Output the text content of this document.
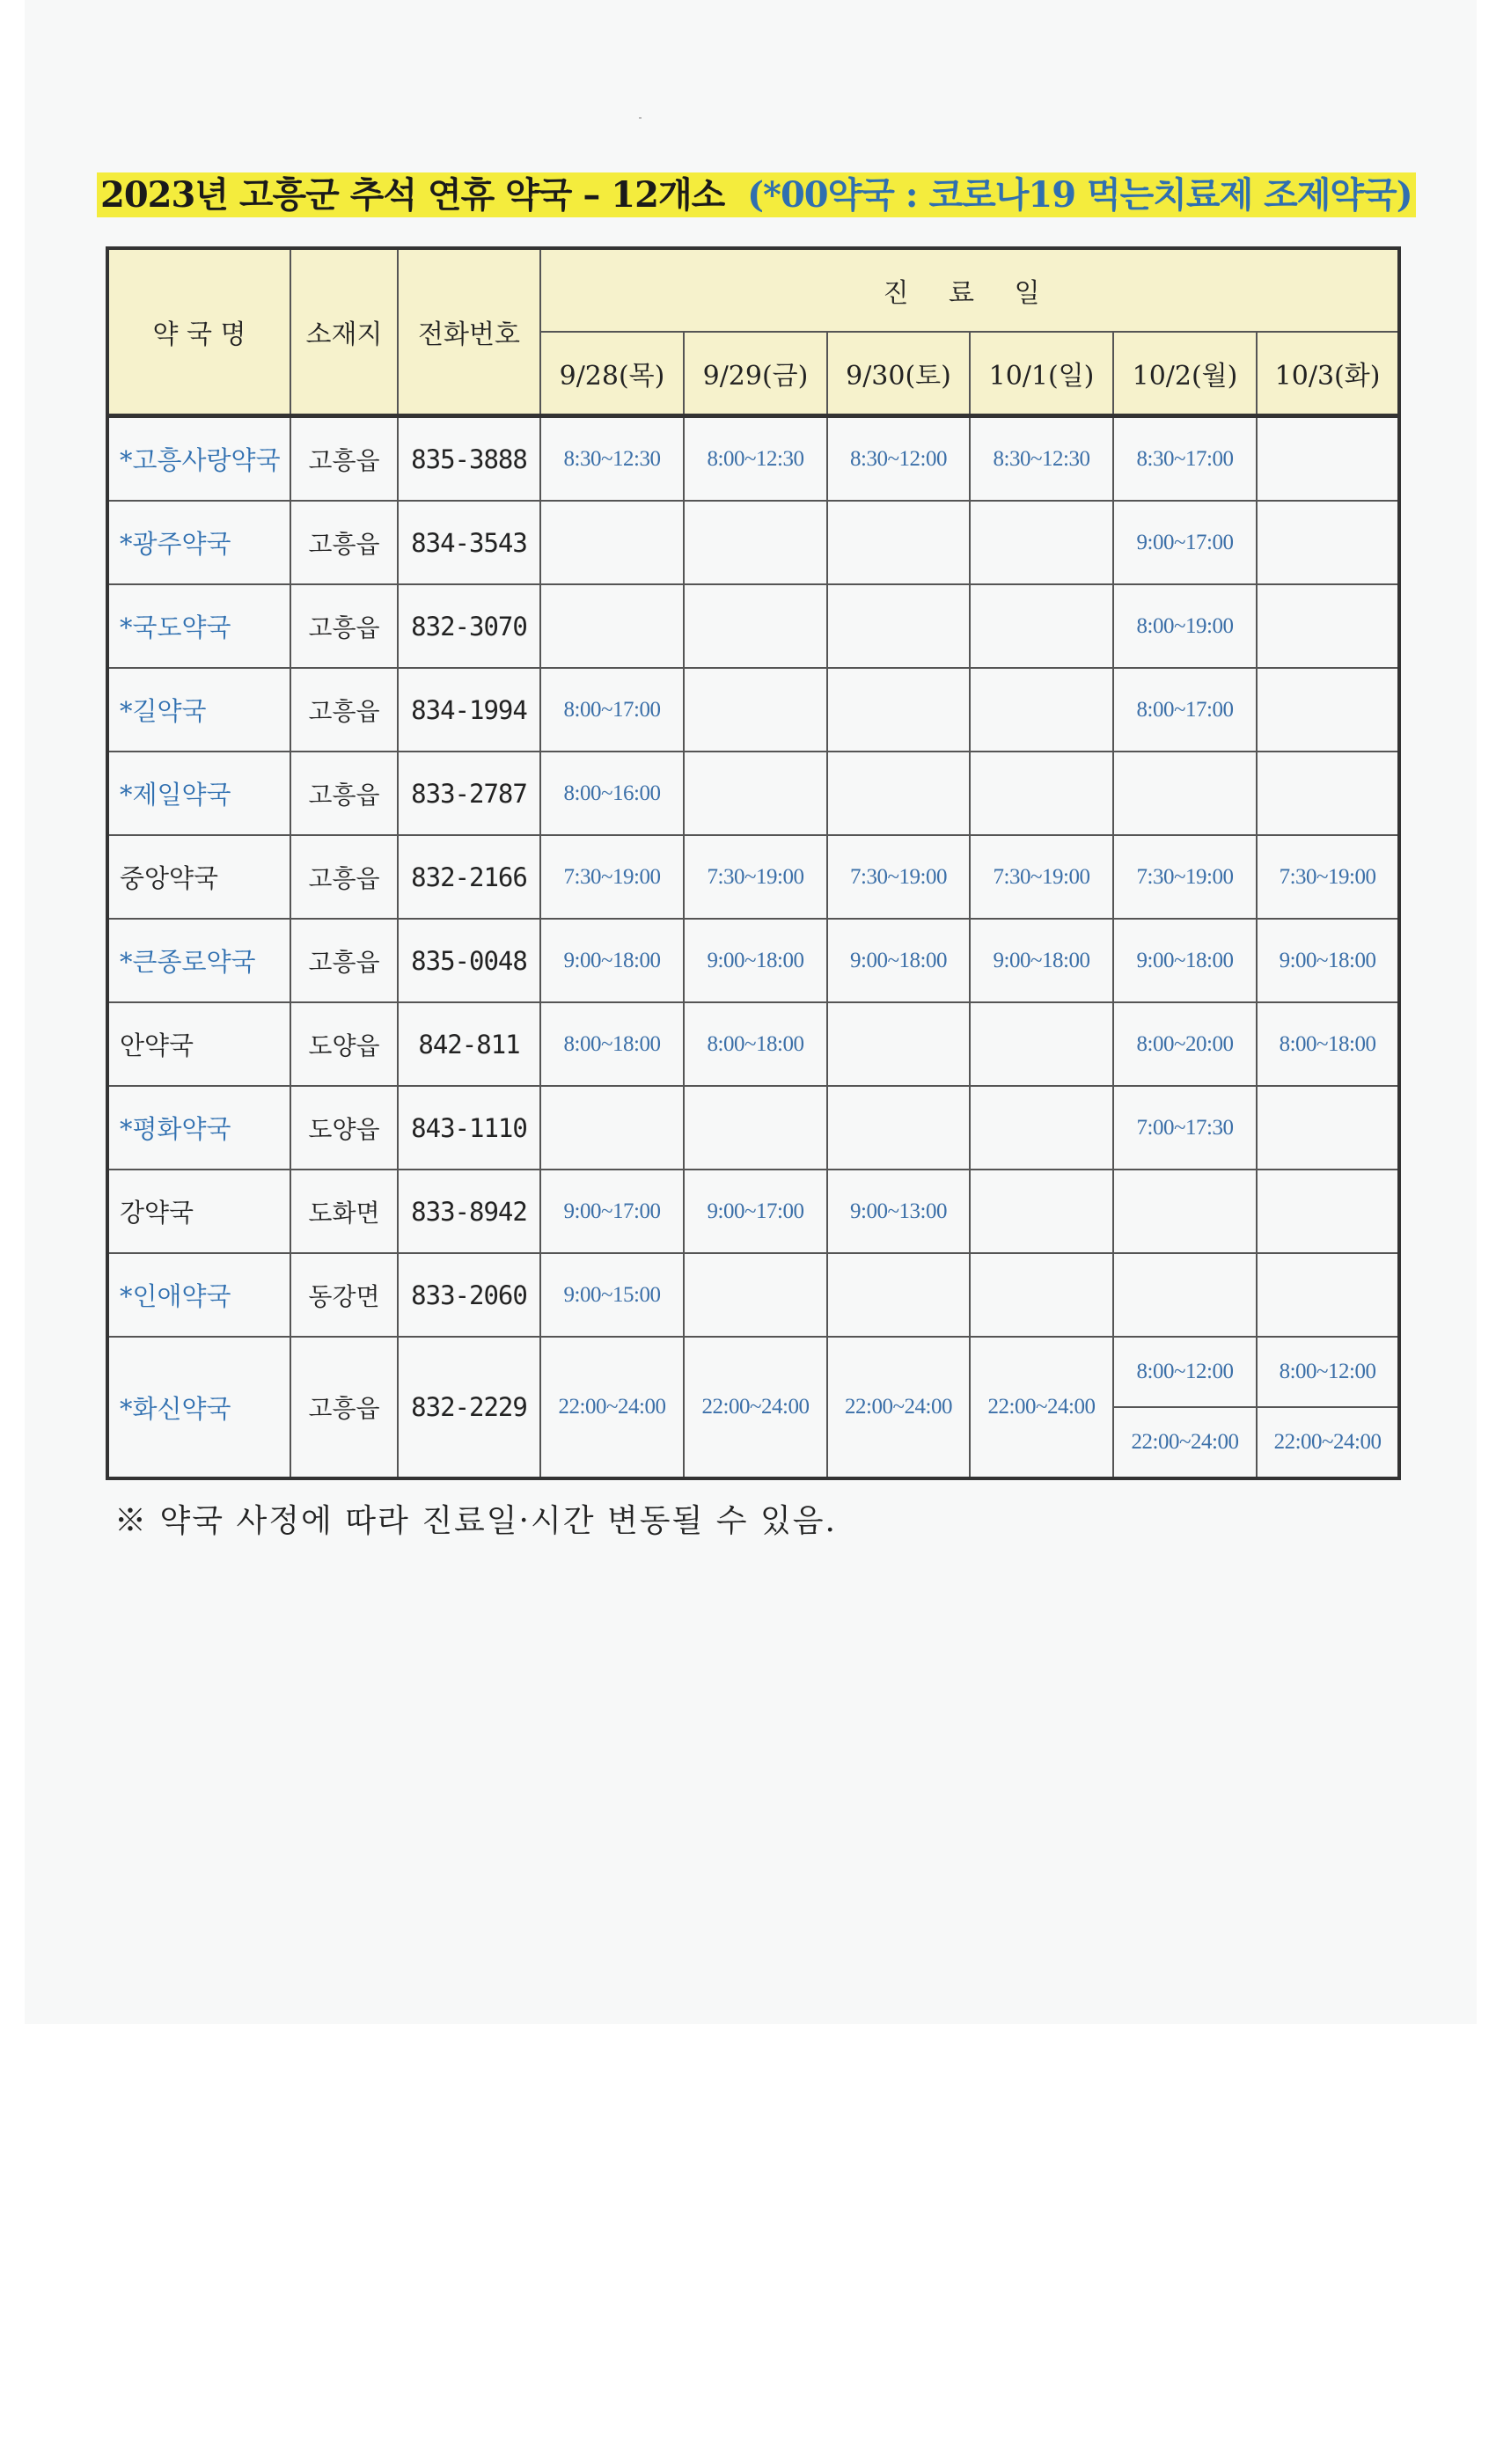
2023년 고흥군 추석 연휴 약국 – 12개소 (*00약국 : 코로나19 먹는치료제 조제약국)
약 국 명	소재지	전화번호	진 료 일					
			9/28(목)	9/29(금)	9/30(토)	10/1(일)	10/2(월)	10/3(화)
*고흥사랑약국	고흥읍	835-3888	8:30~12:30	8:00~12:30	8:30~12:00	8:30~12:30	8:30~17:00	
*광주약국	고흥읍	834-3543					9:00~17:00	
*국도약국	고흥읍	832-3070					8:00~19:00	
*길약국	고흥읍	834-1994	8:00~17:00				8:00~17:00	
*제일약국	고흥읍	833-2787	8:00~16:00					
중앙약국	고흥읍	832-2166	7:30~19:00	7:30~19:00	7:30~19:00	7:30~19:00	7:30~19:00	7:30~19:00
*큰종로약국	고흥읍	835-0048	9:00~18:00	9:00~18:00	9:00~18:00	9:00~18:00	9:00~18:00	9:00~18:00
안약국	도양읍	842-811	8:00~18:00	8:00~18:00			8:00~20:00	8:00~18:00
*평화약국	도양읍	843-1110					7:00~17:30	
강약국	도화면	833-8942	9:00~17:00	9:00~17:00	9:00~13:00			
*인애약국	동강면	833-2060	9:00~15:00					
*화신약국	고흥읍	832-2229	22:00~24:00	22:00~24:00	22:00~24:00	22:00~24:00	8:00~12:00	8:00~12:00
							22:00~24:00	22:00~24:00
※ 약국 사정에 따라 진료일·시간 변동될 수 있음.
